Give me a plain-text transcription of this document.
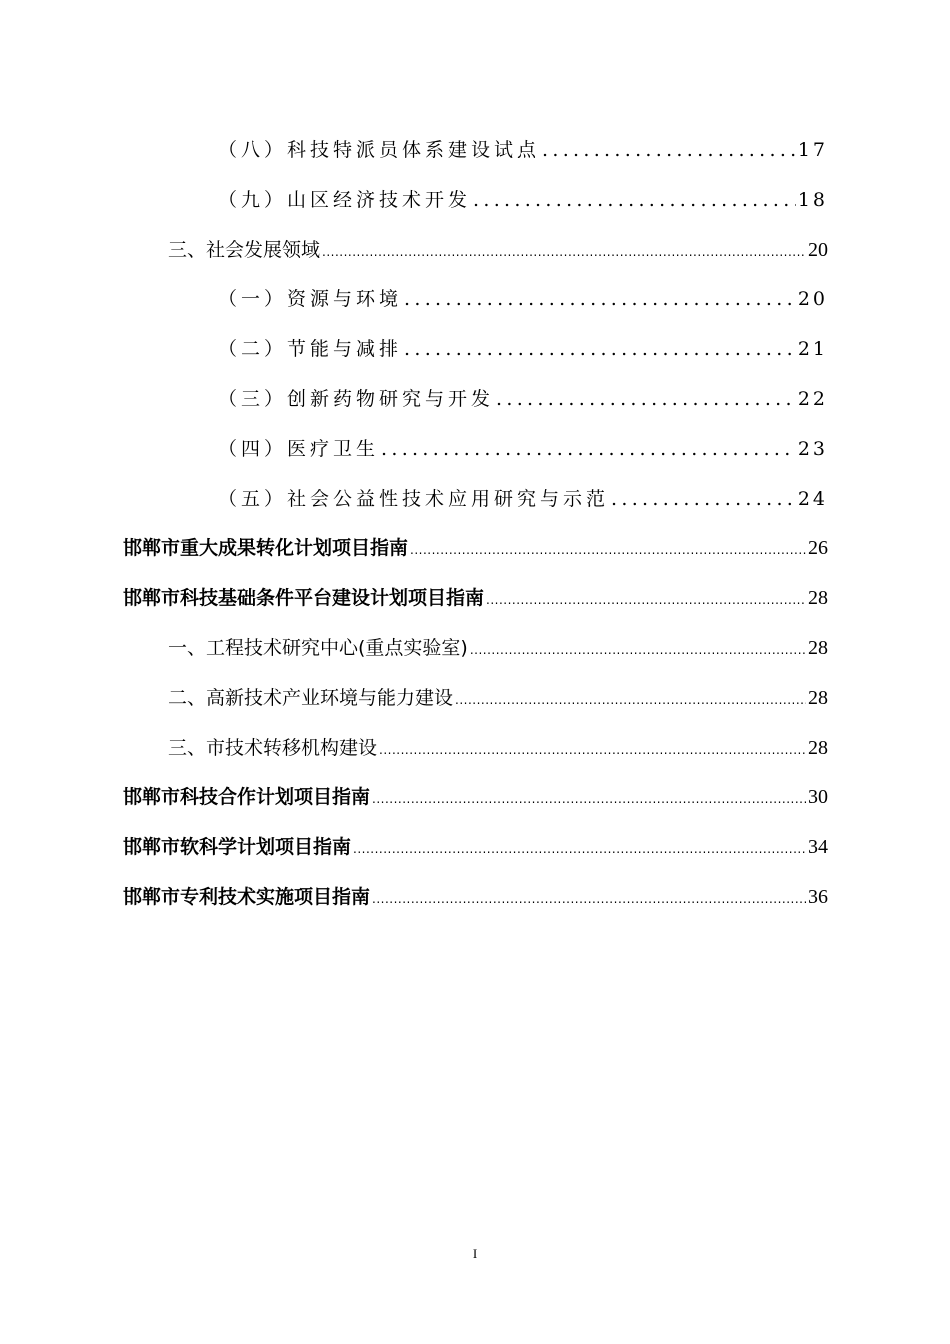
（八）科技特派员体系建设试点 .....	17
（九）山区经济技术开发 .....	18
三、社会发展领域 .....	20
（一）资源与环境 .....	20
（二）节能与减排 .....	21
（三）创新药物研究与开发 .....	22
（四）医疗卫生 .....	23
（五）社会公益性技术应用研究与示范 .....	24
邯郸市重大成果转化计划项目指南 .....	26
邯郸市科技基础条件平台建设计划项目指南 .....	28
一、工程技术研究中心(重点实验室) .....	28
二、高新技术产业环境与能力建设 .....	28
三、市技术转移机构建设 .....	28
邯郸市科技合作计划项目指南 .....	30
邯郸市软科学计划项目指南 .....	34
邯郸市专利技术实施项目指南 .....	36
I
